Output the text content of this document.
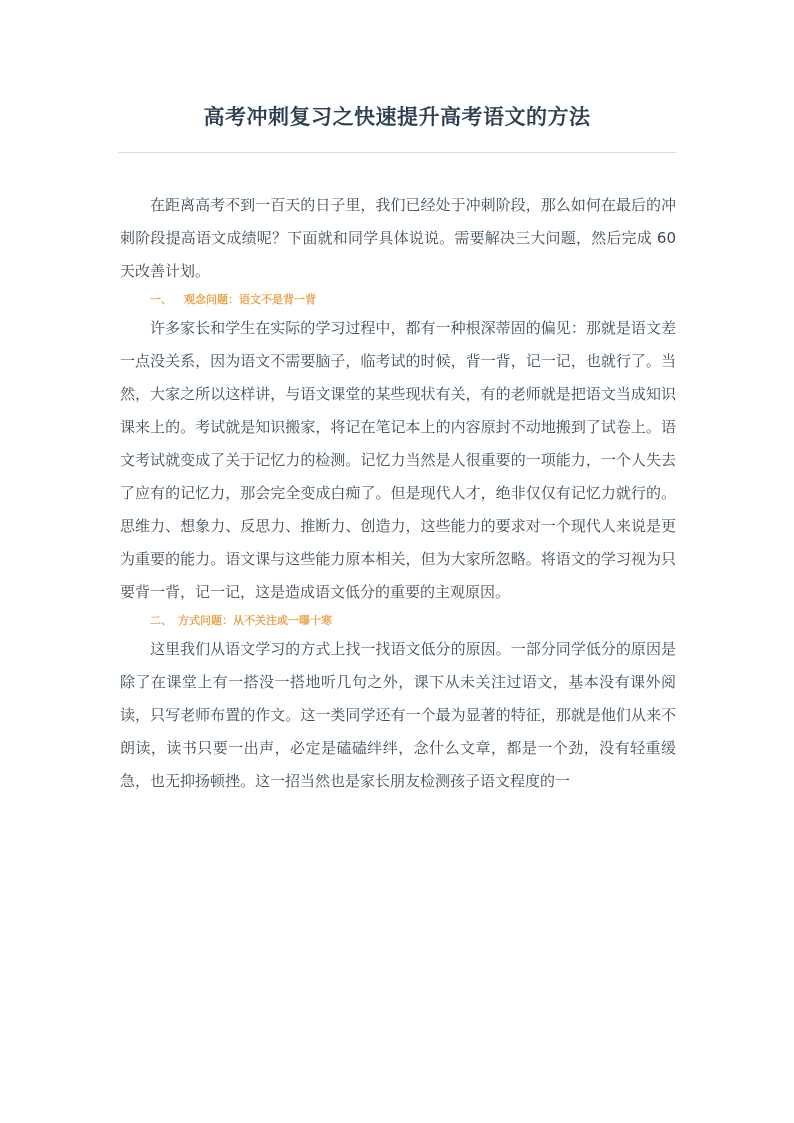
高考冲刺复习之快速提升高考语文的方法

在距离高考不到一百天的日子里，我们已经处于冲刺阶段，那么如何在最后的冲刺阶段提高语文成绩呢？下面就和同学具体说说。需要解决三大问题，然后完成 60 天改善计划。

一、 观念问题：语文不是背一背

许多家长和学生在实际的学习过程中，都有一种根深蒂固的偏见：那就是语文差一点没关系，因为语文不需要脑子，临考试的时候，背一背，记一记，也就行了。当然，大家之所以这样讲，与语文课堂的某些现状有关，有的老师就是把语文当成知识课来上的。考试就是知识搬家，将记在笔记本上的内容原封不动地搬到了试卷上。语文考试就变成了关于记忆力的检测。记忆力当然是人很重要的一项能力，一个人失去了应有的记忆力，那会完全变成白痴了。但是现代人才，绝非仅仅有记忆力就行的。思维力、想象力、反思力、推断力、创造力，这些能力的要求对一个现代人来说是更为重要的能力。语文课与这些能力原本相关，但为大家所忽略。将语文的学习视为只要背一背，记一记，这是造成语文低分的重要的主观原因。

二、 方式问题：从不关注或一曝十寒

这里我们从语文学习的方式上找一找语文低分的原因。一部分同学低分的原因是除了在课堂上有一搭没一搭地听几句之外，课下从未关注过语文，基本没有课外阅读，只写老师布置的作文。这一类同学还有一个最为显著的特征，那就是他们从来不朗读，读书只要一出声，必定是磕磕绊绊，念什么文章，都是一个劲，没有轻重缓急，也无抑扬顿挫。这一招当然也是家长朋友检测孩子语文程度的一
